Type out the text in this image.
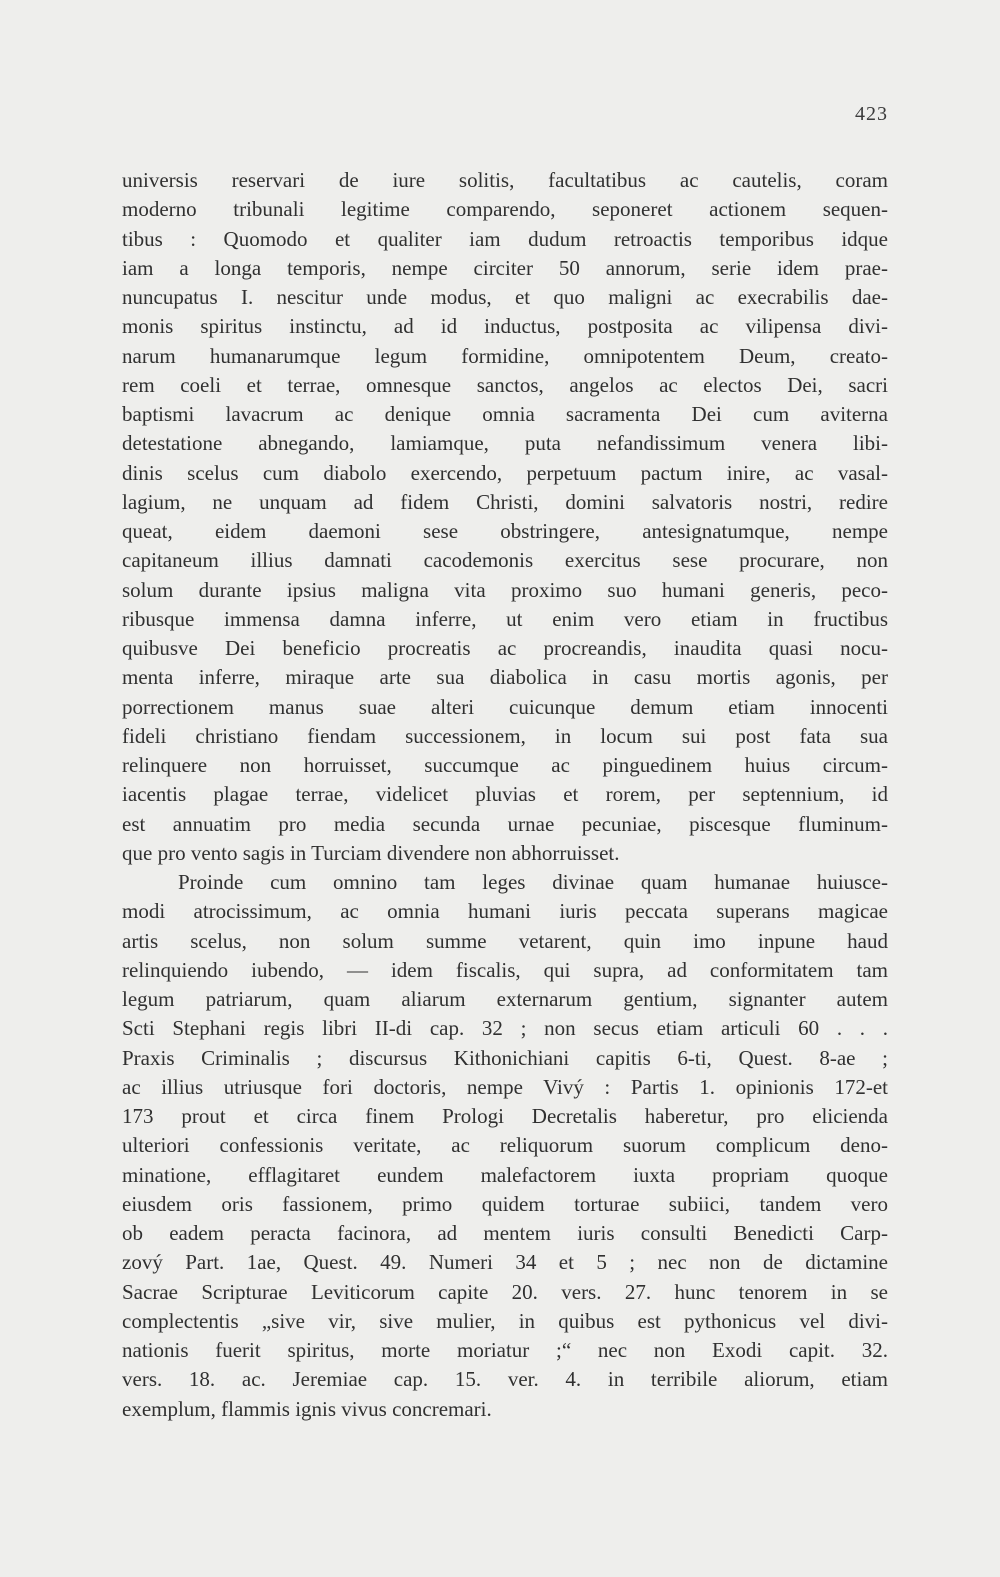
423
universis reservari de iure solitis, facultatibus ac cautelis, coram
moderno tribunali legitime comparendo, seponeret actionem sequen-
tibus : Quomodo et qualiter iam dudum retroactis temporibus idque
iam a longa temporis, nempe circiter 50 annorum, serie idem prae-
nuncupatus I. nescitur unde modus, et quo maligni ac execrabilis dae-
monis spiritus instinctu, ad id inductus, postposita ac vilipensa divi-
narum humanarumque legum formidine, omnipotentem Deum, creato-
rem coeli et terrae, omnesque sanctos, angelos ac electos Dei, sacri
baptismi lavacrum ac denique omnia sacramenta Dei cum aviterna
detestatione abnegando, lamiamque, puta nefandissimum venera libi-
dinis scelus cum diabolo exercendo, perpetuum pactum inire, ac vasal-
lagium, ne unquam ad fidem Christi, domini salvatoris nostri, redire
queat, eidem daemoni sese obstringere, antesignatumque, nempe
capitaneum illius damnati cacodemonis exercitus sese procurare, non
solum durante ipsius maligna vita proximo suo humani generis, peco-
ribusque immensa damna inferre, ut enim vero etiam in fructibus
quibusve Dei beneficio procreatis ac procreandis, inaudita quasi nocu-
menta inferre, miraque arte sua diabolica in casu mortis agonis, per
porrectionem manus suae alteri cuicunque demum etiam innocenti
fideli christiano fiendam successionem, in locum sui post fata sua
relinquere non horruisset, succumque ac pinguedinem huius circum-
iacentis plagae terrae, videlicet pluvias et rorem, per septennium, id
est annuatim pro media secunda urnae pecuniae, piscesque fluminum-
que pro vento sagis in Turciam divendere non abhorruisset.
Proinde cum omnino tam leges divinae quam humanae huiusce-
modi atrocissimum, ac omnia humani iuris peccata superans magicae
artis scelus, non solum summe vetarent, quin imo inpune haud
relinquiendo iubendo, — idem fiscalis, qui supra, ad conformitatem tam
legum patriarum, quam aliarum externarum gentium, signanter autem
Scti Stephani regis libri II-di cap. 32 ; non secus etiam articuli 60 . . .
Praxis Criminalis ; discursus Kithonichiani capitis 6-ti, Quest. 8-ae ;
ac illius utriusque fori doctoris, nempe Vivý : Partis 1. opinionis 172-et
173 prout et circa finem Prologi Decretalis haberetur, pro elicienda
ulteriori confessionis veritate, ac reliquorum suorum complicum deno-
minatione, efflagitaret eundem malefactorem iuxta propriam quoque
eiusdem oris fassionem, primo quidem torturae subiici, tandem vero
ob eadem peracta facinora, ad mentem iuris consulti Benedicti Carp-
zový Part. 1ae, Quest. 49. Numeri 34 et 5 ; nec non de dictamine
Sacrae Scripturae Leviticorum capite 20. vers. 27. hunc tenorem in se
complectentis „sive vir, sive mulier, in quibus est pythonicus vel divi-
nationis fuerit spiritus, morte moriatur ;“ nec non Exodi capit. 32.
vers. 18. ac. Jeremiae cap. 15. ver. 4. in terribile aliorum, etiam
exemplum, flammis ignis vivus concremari.
